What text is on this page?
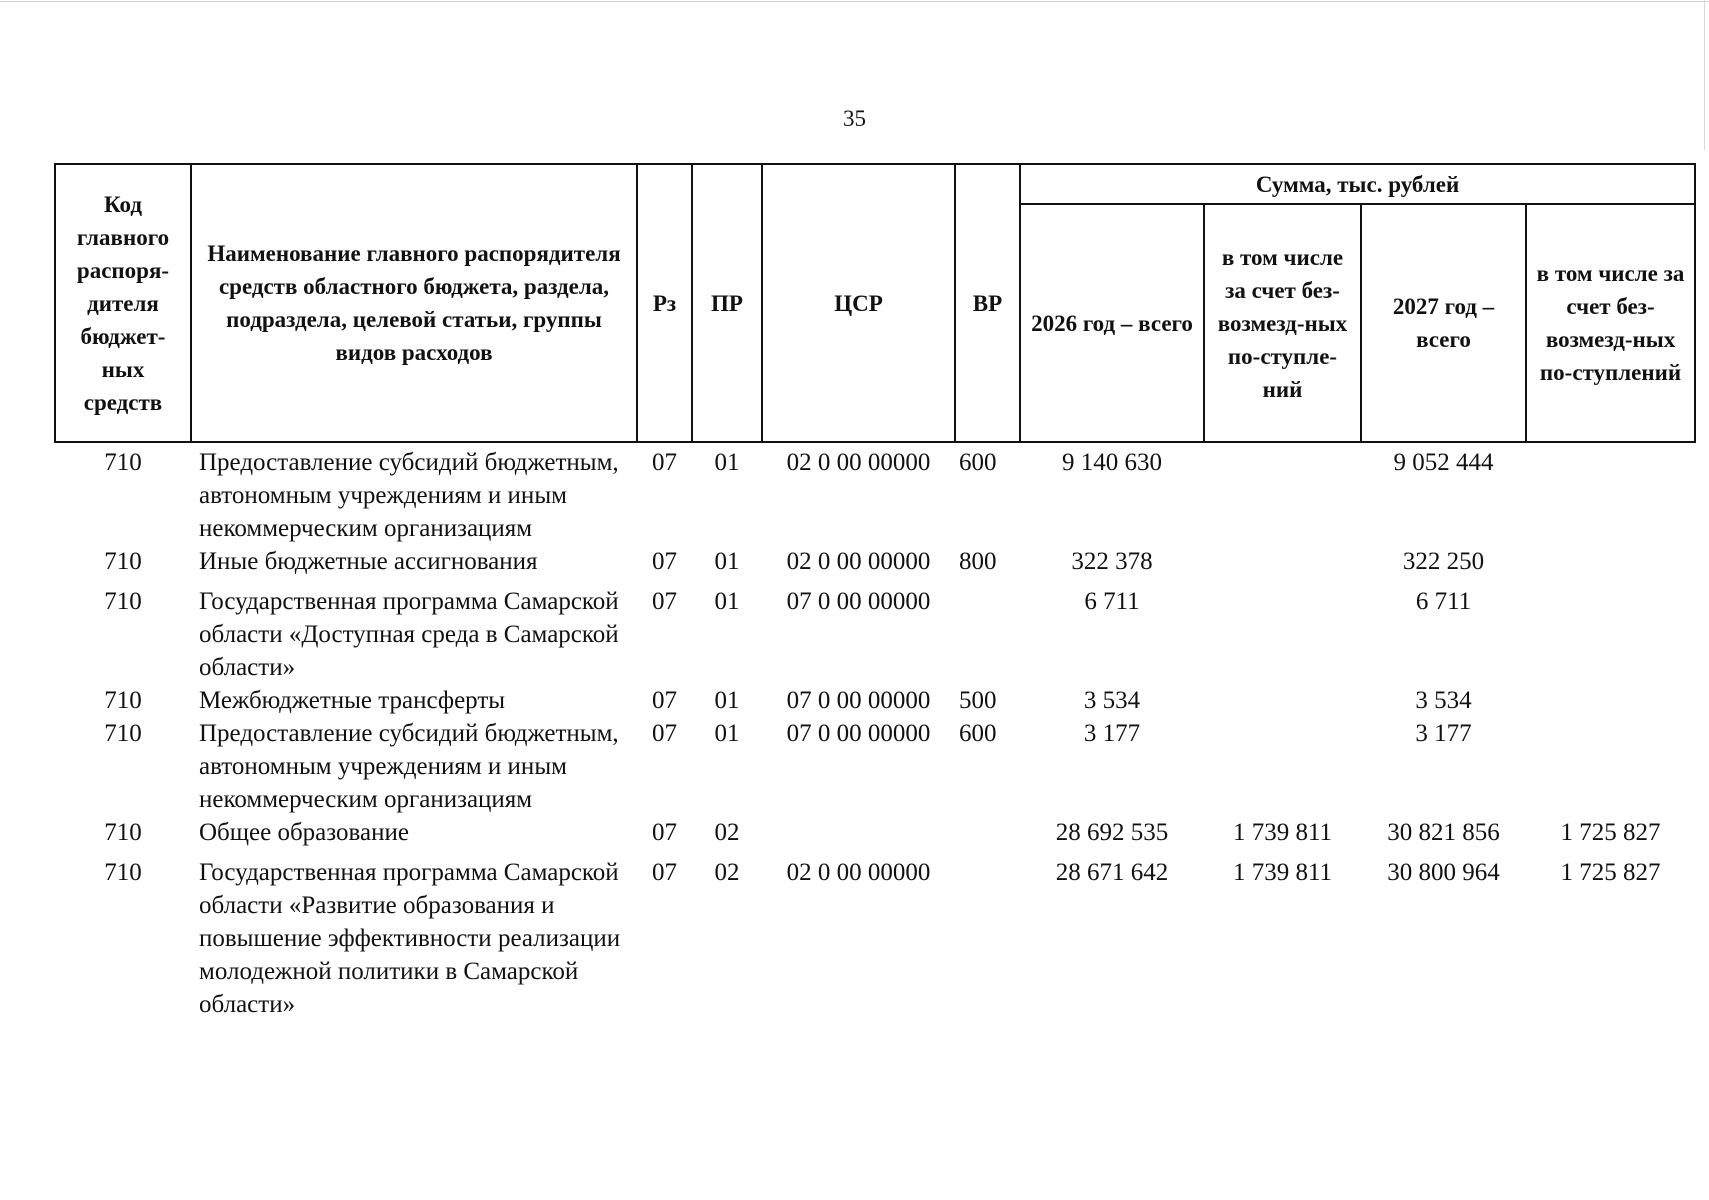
35
Код главного распоря-дителя бюджет-ных средств	Наименование главного распорядителя средств областного бюджета, раздела, подраздела, целевой статьи, группы видов расходов	Рз	ПР	ЦСР	ВР	Сумма, тыс. рублей			
						2026 год – всего	в том числе за счет без-возмезд-ных по-ступле-ний	2027 год – всего	в том числе за счет без-возмезд-ных по-ступлений
710	Предоставление субсидий бюджетным, автономным учреждениям и иным некоммерческим организациям	07	01	02 0 00 00000	600	9 140 630		9 052 444	
710	Иные бюджетные ассигнования	07	01	02 0 00 00000	800	322 378		322 250	
710	Государственная программа Самарской области «Доступная среда в Самарской области»	07	01	07 0 00 00000		6 711		6 711	
710	Межбюджетные трансферты	07	01	07 0 00 00000	500	3 534		3 534	
710	Предоставление субсидий бюджетным, автономным учреждениям и иным некоммерческим организациям	07	01	07 0 00 00000	600	3 177		3 177	
710	Общее образование	07	02			28 692 535	1 739 811	30 821 856	1 725 827
710	Государственная программа Самарской области «Развитие образования и повышение эффективности реализации молодежной политики в Самарской области»	07	02	02 0 00 00000		28 671 642	1 739 811	30 800 964	1 725 827
